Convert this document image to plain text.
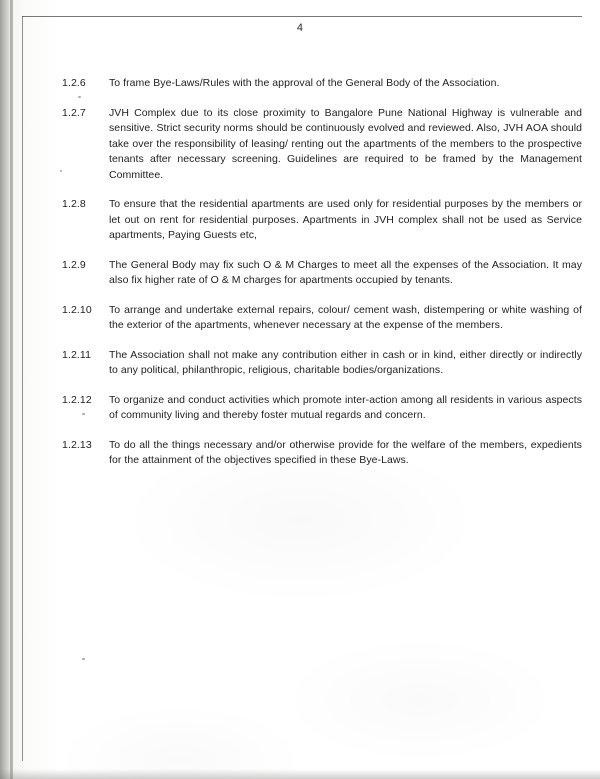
4
1.2.6	To frame Bye-Laws/Rules with the approval of the General Body of the Association.
1.2.7	JVH Complex due to its close proximity to Bangalore Pune National Highway is vulnerable and sensitive. Strict security norms should be continuously evolved and reviewed. Also, JVH AOA should take over the responsibility of leasing/ renting out the apartments of the members to the prospective tenants after necessary screening. Guidelines are required to be framed by the Management Committee.
1.2.8	To ensure that the residential apartments are used only for residential purposes by the members or let out on rent for residential purposes. Apartments in JVH complex shall not be used as Service apartments, Paying Guests etc,
1.2.9	The General Body may fix such O & M Charges to meet all the expenses of the Association. It may also fix higher rate of O & M charges for apartments occupied by tenants.
1.2.10	To arrange and undertake external repairs, colour/ cement wash, distempering or white washing of the exterior of the apartments, whenever necessary at the expense of the members.
1.2.11	The Association shall not make any contribution either in cash or in kind, either directly or indirectly to any political, philanthropic, religious, charitable bodies/organizations.
1.2.12	To organize and conduct activities which promote inter-action among all residents in various aspects of community living and thereby foster mutual regards and concern.
1.2.13	To do all the things necessary and/or otherwise provide for the welfare of the members, expedients for the attainment of the objectives specified in these Bye-Laws.
